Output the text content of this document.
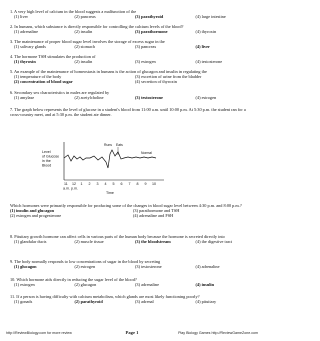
1. A very high level of calcium in the blood suggests a malfunction of the
(1) liver	(2) pancreas	(3) parathyroid	(4) large intestine
2. In humans, which substance is directly responsible for controlling the calcium levels of the blood?
(1) adrenaline	(2) insulin	(3) parathormone	(4) thyroxin
3. The maintenance of proper blood sugar level involves the storage of excess sugar in the
(1) salivary glands	(2) stomach	(3) pancreas	(4) liver
4. The hormone TSH stimulates the production of
(1) thyroxin	(2) insulin	(3) estrogen	(4) testosterone
5. An example of the maintenance of homeostasis in humans is the action of glucagon and insulin in regulating the
(1) temperature of the body	(3) excretion of urine from the bladder
(2) concentration of blood sugar	(4) secretion of thyroxin
6. Secondary sex characteristics in males are regulated by
(1) amylase	(2) acetylcholine	(3) testosterone	(4) estrogen
7. The graph below represents the level of glucose in a student's blood from 11:00 a.m. until 10:00 p.m. At 5:30 p.m. the student ran for a cross-country meet, and at 5:30 p.m. the student ate dinner.
Level
of Glucose
in the
Blood
Runs Eats
Normal
11 12 1 2 3 4 5 6 7 8 9 10
a.m. p.m.
Time
Which hormones were primarily responsible for producing some of the changes in blood sugar level between 4:30 p.m. and 8:00 p.m.?
(1) insulin and glucagon	(3) parathormone and TSH
(2) estrogen and progesterone	(4) adrenaline and FSH
8. Pituitary growth hormone can affect cells in various parts of the human body because the hormone is secreted directly into
(1) glandular ducts	(2) muscle tissue	(3) the bloodstream	(4) the digestive tract
9. The body normally responds to low concentrations of sugar in the blood by secreting
(1) glucagon	(2) estrogen	(3) testosterone	(4) adrenaline
10. Which hormone aids directly in reducing the sugar level of the blood?
(1) estrogen	(2) glucagon	(3) adrenaline	(4) insulin
11. If a person is having difficulty with calcium metabolism, which glands are most likely functioning poorly?
(1) gonads	(2) parathyroid	(3) adrenal	(4) pituitary
http://ReviewBiology.com for more review	Page 1	Play Biology Games http://ReviewGameZone.com
